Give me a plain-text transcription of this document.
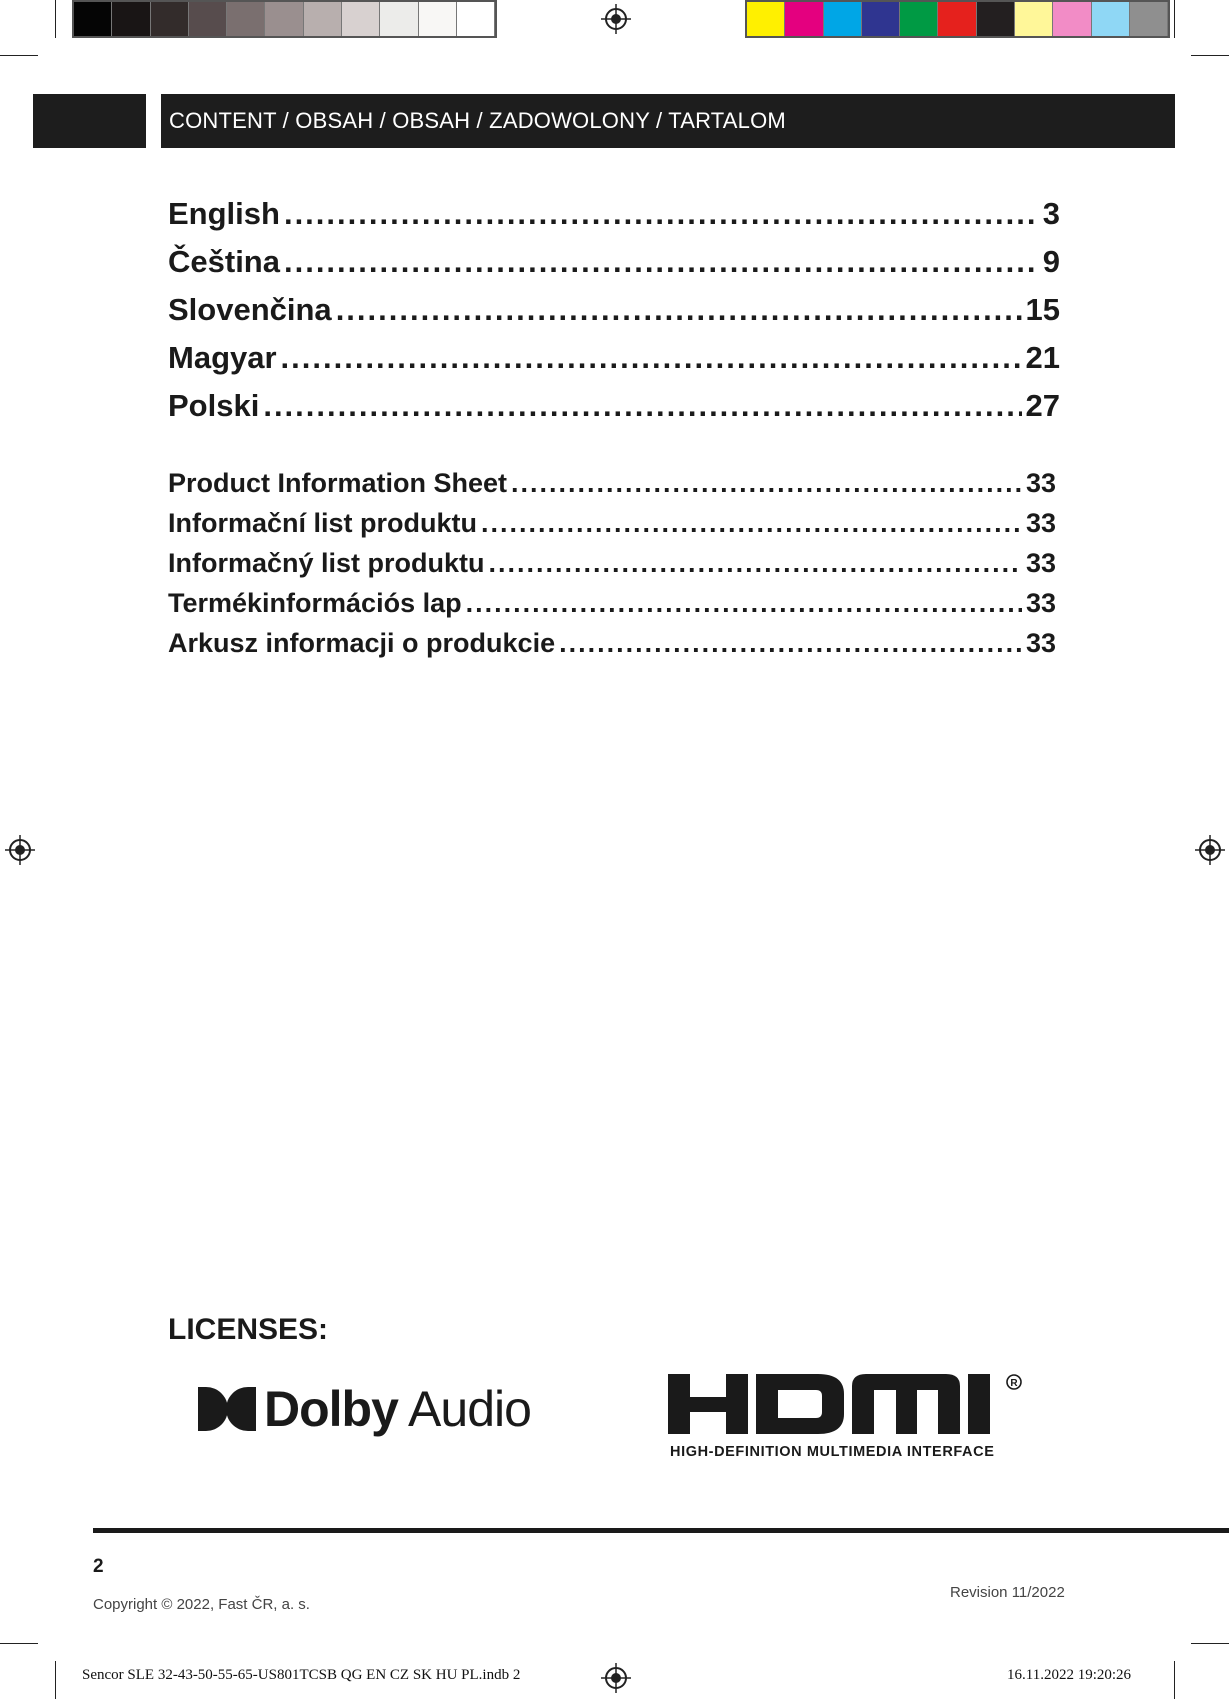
CONTENT / OBSAH / OBSAH / ZADOWOLONY / TARTALOM
English .....	3
Čeština .....	9
Slovenčina .....	15
Magyar .....	21
Polski .....	27
Product Information Sheet .....	33
Informační list produktu .....	33
Informačný list produktu .....	33
Termékinformációs lap .....	33
Arkusz informacji o produkcie .....	33
LICENSES:
Dolby Audio	R
HIGH-DEFINITION MULTIMEDIA INTERFACE
2
Copyright © 2022, Fast ČR, a. s.
Revision 11/2022
Sencor SLE 32-43-50-55-65-US801TCSB QG EN CZ SK HU PL.indb 2	16.11.2022 19:20:26
